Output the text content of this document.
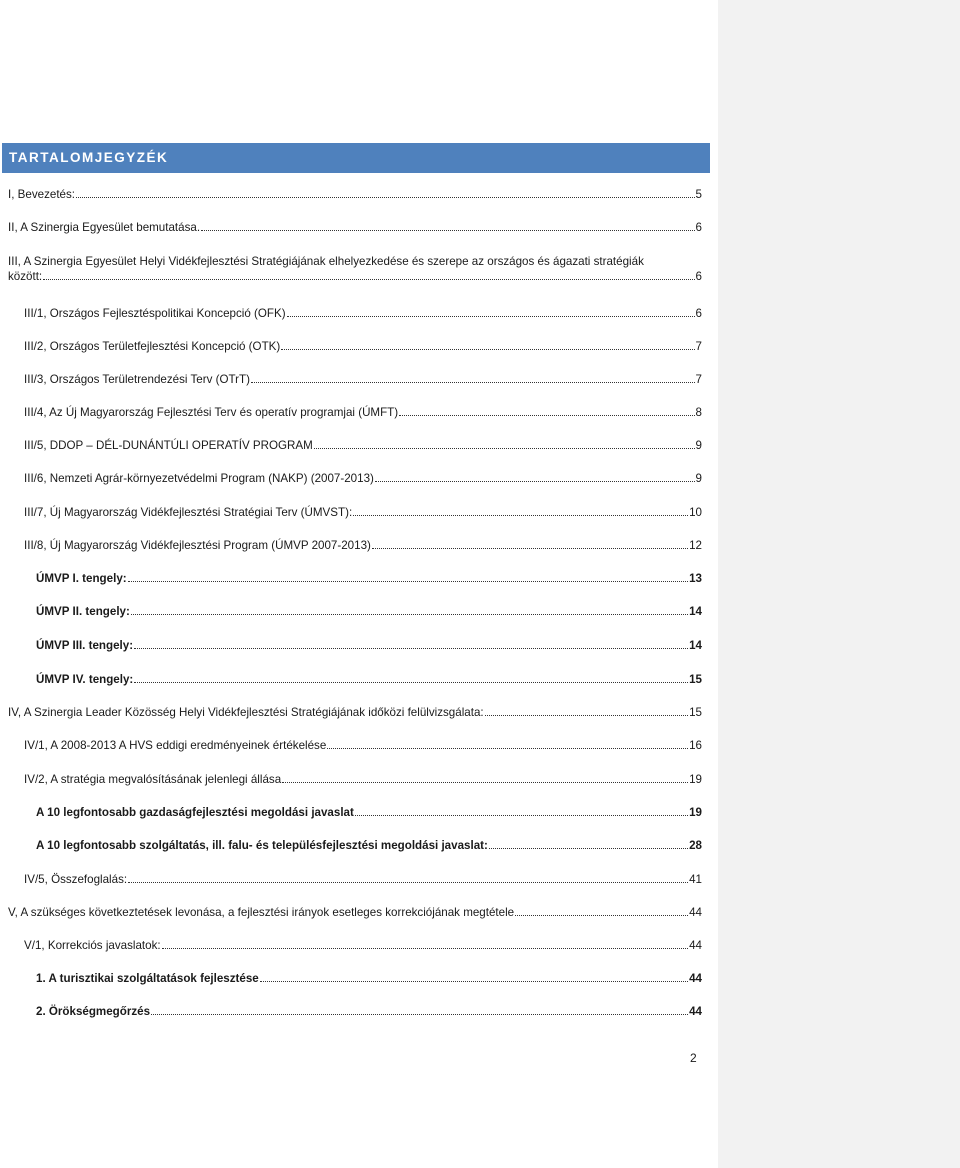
TARTALOMJEGYZÉK
I, Bevezetés:	5
II, A Szinergia Egyesület bemutatása.	6
III, A Szinergia Egyesület Helyi Vidékfejlesztési Stratégiájának elhelyezkedése és szerepe az országos és ágazati stratégiák
között:	6
III/1, Országos Fejlesztéspolitikai Koncepció (OFK)	6
III/2, Országos Területfejlesztési Koncepció (OTK)	7
III/3, Országos Területrendezési Terv (OTrT)	7
III/4, Az Új Magyarország Fejlesztési Terv és operatív programjai (ÚMFT)	8
III/5, DDOP – DÉL-DUNÁNTÚLI OPERATÍV PROGRAM	9
III/6, Nemzeti Agrár-környezetvédelmi Program (NAKP) (2007-2013)	9
III/7, Új Magyarország Vidékfejlesztési Stratégiai Terv (ÚMVST):	10
III/8, Új Magyarország Vidékfejlesztési Program (ÚMVP 2007-2013)	12
ÚMVP I. tengely:	13
ÚMVP II. tengely:	14
ÚMVP III. tengely:	14
ÚMVP IV. tengely:	15
IV, A Szinergia Leader Közösség Helyi Vidékfejlesztési Stratégiájának időközi felülvizsgálata:	15
IV/1, A 2008-2013 A HVS eddigi eredményeinek értékelése	16
IV/2, A stratégia megvalósításának jelenlegi állása	19
A 10 legfontosabb gazdaságfejlesztési megoldási javaslat	19
A 10 legfontosabb szolgáltatás, ill. falu- és településfejlesztési megoldási javaslat:	28
IV/5, Összefoglalás:	41
V, A szükséges következtetések levonása, a fejlesztési irányok esetleges korrekciójának megtétele	44
V/1, Korrekciós javaslatok:	44
1. A turisztikai szolgáltatások fejlesztése	44
2. Örökségmegőrzés	44
2
